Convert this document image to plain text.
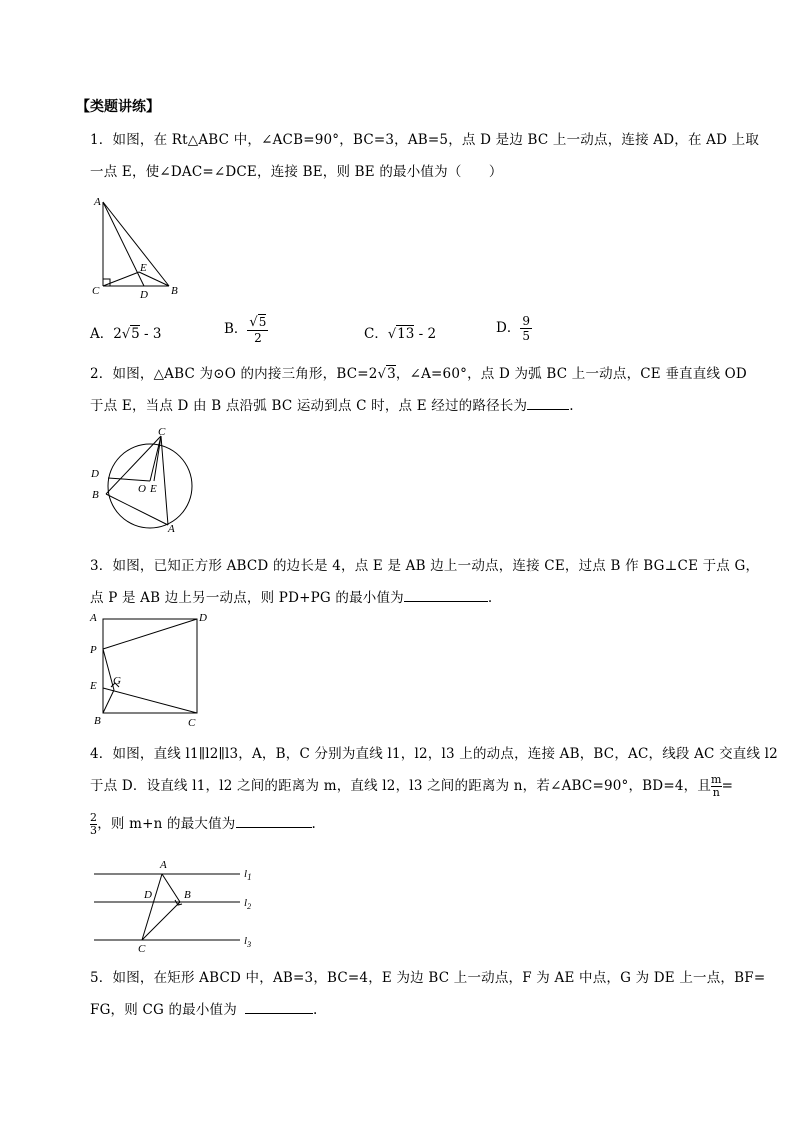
【类题讲练】
1．如图，在 Rt△ABC 中，∠ACB=90°，BC=3，AB=5，点 D 是边 BC 上一动点，连接 AD，在 AD 上取
一点 E，使∠DAC=∠DCE，连接 BE，则 BE 的最小值为（　　）
A
C	D
E
B
A．2√5 - 3	B． $\frac{√5}{2}$	C．√13 - 2	D． $\frac{9}{5}$
2．如图，△ABC 为⊙O 的内接三角形，BC=2√3，∠A=60°，点 D 为弧 BC 上一动点，CE 垂直直线 OD
于点 E，当点 D 由 B 点沿弧 BC 运动到点 C 时，点 E 经过的路径长为	.
C
D
B	O E
A
3．如图，已知正方形 ABCD 的边长是 4，点 E 是 AB 边上一动点，连接 CE，过点 B 作 BG⊥CE 于点 G，
点 P 是 AB 边上另一动点，则 PD+PG 的最小值为	.
A	D
P
E G
B	C
4．如图，直线 l1∥l2∥l3，A，B，C 分别为直线 l1，l2，l3 上的动点，连接 AB，BC，AC，线段 AC 交直线 l2
于点 D．设直线 l1，l2 之间的距离为 m，直线 l2，l3 之间的距离为 n，若∠ABC=90°，BD=4，且 $\frac{m}{n}$ =
$\frac{2}{3}$ ，则 m+n 的最大值为	.
A
D	B
C
$l_1$
$l_2$
$l_3$
5．如图，在矩形 ABCD 中，AB=3，BC=4，E 为边 BC 上一动点，F 为 AE 中点，G 为 DE 上一点，BF=
FG，则 CG 的最小值为	.
